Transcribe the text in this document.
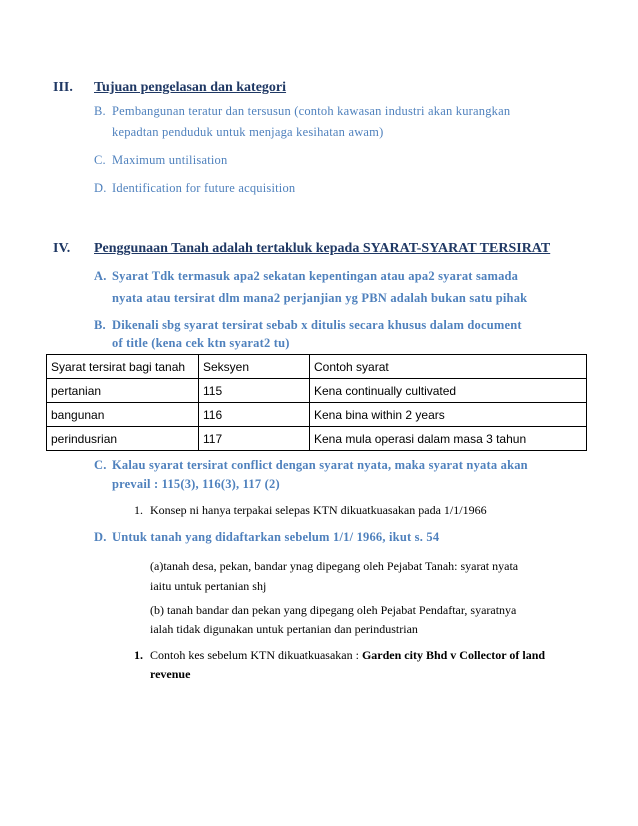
III. Tujuan pengelasan dan kategori
B. Pembangunan teratur dan tersusun (contoh kawasan industri akan kurangkan
kepadtan penduduk untuk menjaga kesihatan awam)
C. Maximum untilisation
D. Identification for future acquisition
IV. Penggunaan Tanah adalah tertakluk kepada SYARAT-SYARAT TERSIRAT
A. Syarat Tdk termasuk apa2 sekatan kepentingan atau apa2 syarat samada
nyata atau tersirat dlm mana2 perjanjian yg PBN adalah bukan satu pihak
B. Dikenali sbg syarat tersirat sebab x ditulis secara khusus dalam document
of title (kena cek ktn syarat2 tu)
Syarat tersirat bagi tanah	Seksyen	Contoh syarat
pertanian	115	Kena continually cultivated
bangunan	116	Kena bina within 2 years
perindusrian	117	Kena mula operasi dalam masa 3 tahun
C. Kalau syarat tersirat conflict dengan syarat nyata, maka syarat nyata akan
prevail : 115(3), 116(3), 117 (2)
1. Konsep ni hanya terpakai selepas KTN dikuatkuasakan pada 1/1/1966
D. Untuk tanah yang didaftarkan sebelum 1/1/ 1966, ikut s. 54
(a)tanah desa, pekan, bandar ynag dipegang oleh Pejabat Tanah: syarat nyata
iaitu untuk pertanian shj
(b) tanah bandar dan pekan yang dipegang oleh Pejabat Pendaftar, syaratnya
ialah tidak digunakan untuk pertanian dan perindustrian
1. Contoh kes sebelum KTN dikuatkuasakan : Garden city Bhd v Collector of land
revenue
